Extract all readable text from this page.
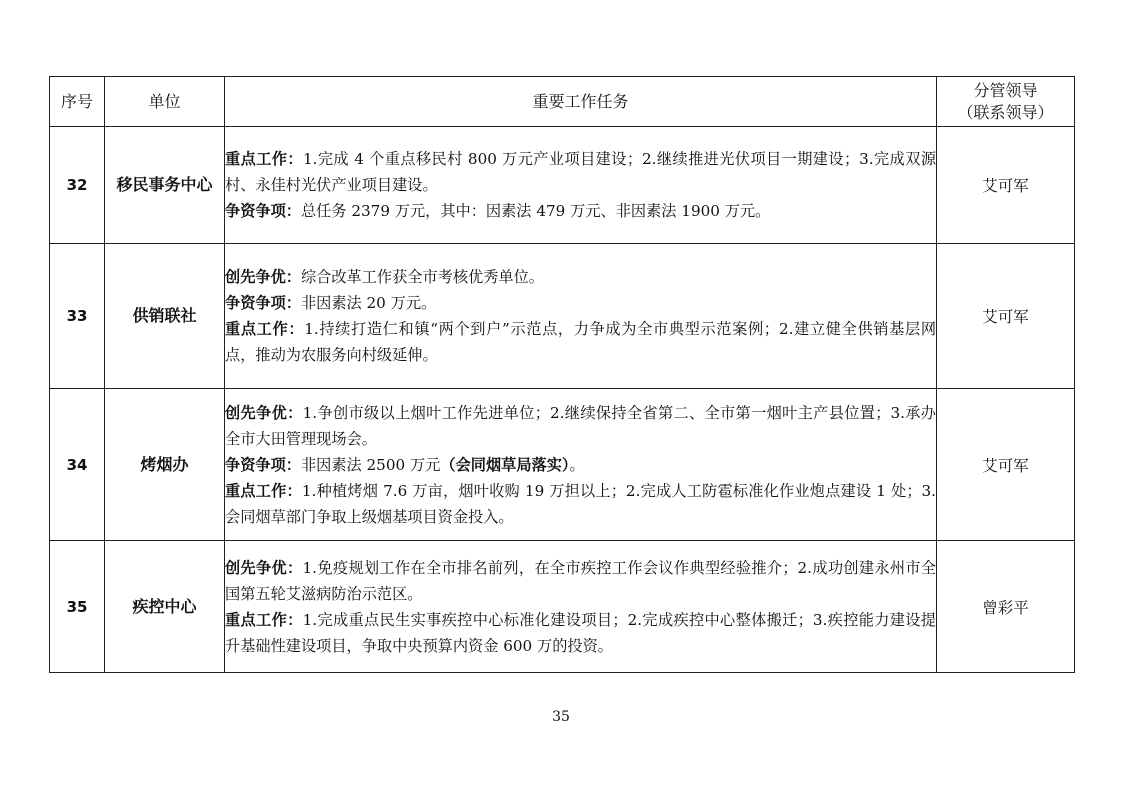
序号	单位	重要工作任务	分管领导
（联系领导）

32	移民事务中心	重点工作：1.完成 4 个重点移民村 800 万元产业项目建设；2.继续推进光伏项目一期建设；3.完成双源村、永佳村光伏产业项目建设。

争资争项：总任务 2379 万元，其中：因素法 479 万元、非因素法 1900 万元。	艾可军
33	供销联社	创先争优：综合改革工作获全市考核优秀单位。

争资争项：非因素法 20 万元。

重点工作：1.持续打造仁和镇“两个到户”示范点，力争成为全市典型示范案例；2.建立健全供销基层网点，推动为农服务向村级延伸。	艾可军
34	烤烟办	创先争优：1.争创市级以上烟叶工作先进单位；2.继续保持全省第二、全市第一烟叶主产县位置；3.承办全市大田管理现场会。

争资争项：非因素法 2500 万元（会同烟草局落实）。

重点工作：1.种植烤烟 7.6 万亩，烟叶收购 19 万担以上；2.完成人工防雹标准化作业炮点建设 1 处；3.会同烟草部门争取上级烟基项目资金投入。	艾可军
35	疾控中心	创先争优：1.免疫规划工作在全市排名前列，在全市疾控工作会议作典型经验推介；2.成功创建永州市全国第五轮艾滋病防治示范区。

重点工作：1.完成重点民生实事疾控中心标准化建设项目；2.完成疾控中心整体搬迁；3.疾控能力建设提升基础性建设项目，争取中央预算内资金 600 万的投资。	曾彩平
35
